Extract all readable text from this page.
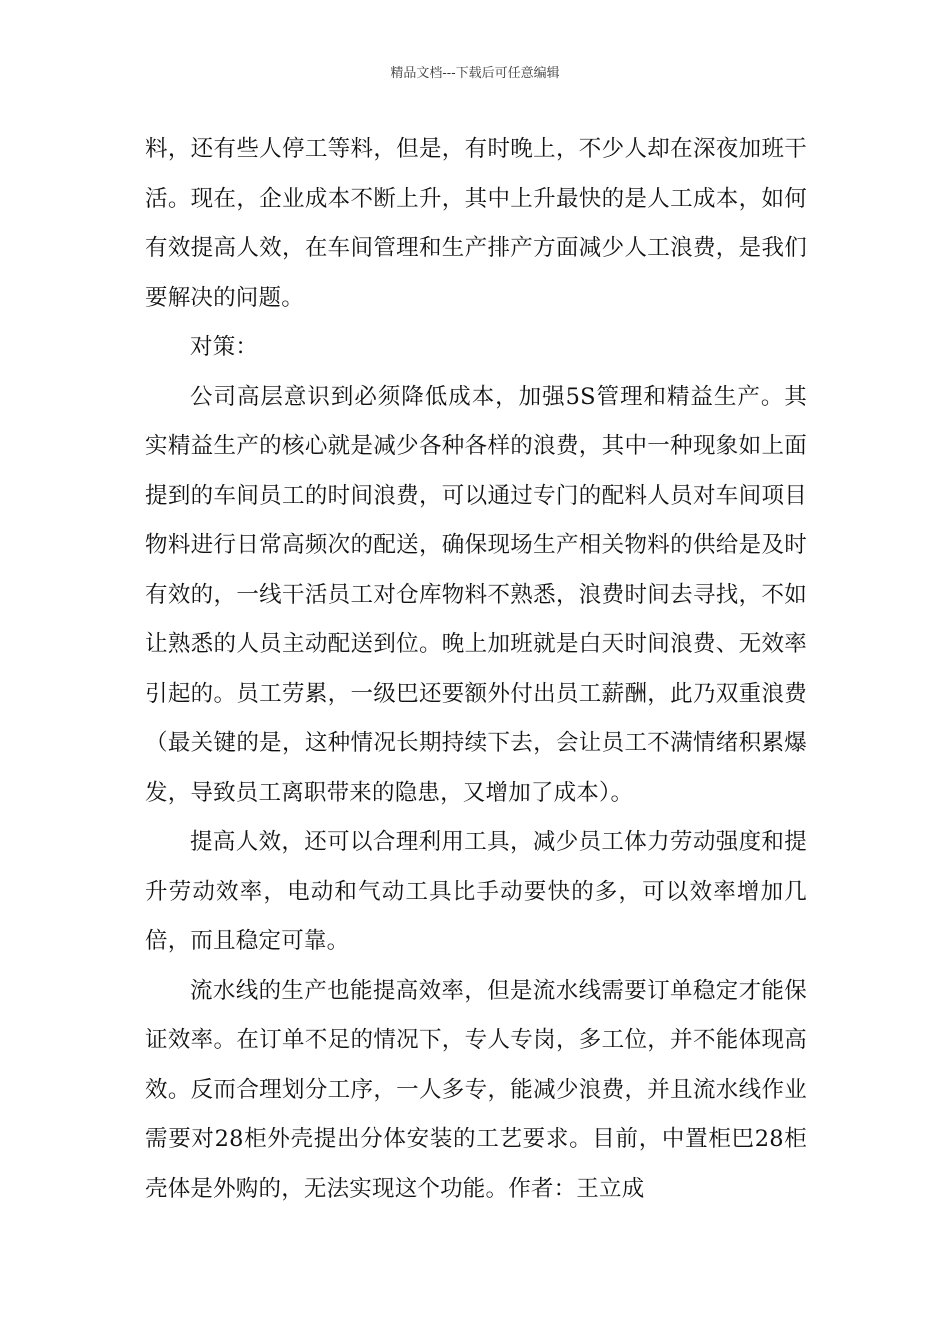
精品文档---下载后可任意编辑

料，还有些人停工等料，但是，有时晚上，不少人却在深夜加班干活。现在，企业成本不断上升，其中上升最快的是人工成本，如何有效提高人效，在车间管理和生产排产方面减少人工浪费，是我们要解决的问题。

对策：

公司高层意识到必须降低成本，加强5S管理和精益生产。其实精益生产的核心就是减少各种各样的浪费，其中一种现象如上面提到的车间员工的时间浪费，可以通过专门的配料人员对车间项目物料进行日常高频次的配送，确保现场生产相关物料的供给是及时有效的，一线干活员工对仓库物料不熟悉，浪费时间去寻找，不如让熟悉的人员主动配送到位。晚上加班就是白天时间浪费、无效率引起的。员工劳累，一级巴还要额外付出员工薪酬，此乃双重浪费（最关键的是，这种情况长期持续下去，会让员工不满情绪积累爆发，导致员工离职带来的隐患，又增加了成本）。

提高人效，还可以合理利用工具，减少员工体力劳动强度和提升劳动效率，电动和气动工具比手动要快的多，可以效率增加几倍，而且稳定可靠。

流水线的生产也能提高效率，但是流水线需要订单稳定才能保证效率。在订单不足的情况下，专人专岗，多工位，并不能体现高效。反而合理划分工序，一人多专，能减少浪费，并且流水线作业需要对28柜外壳提出分体安装的工艺要求。目前，中置柜巴28柜壳体是外购的，无法实现这个功能。作者：王立成
